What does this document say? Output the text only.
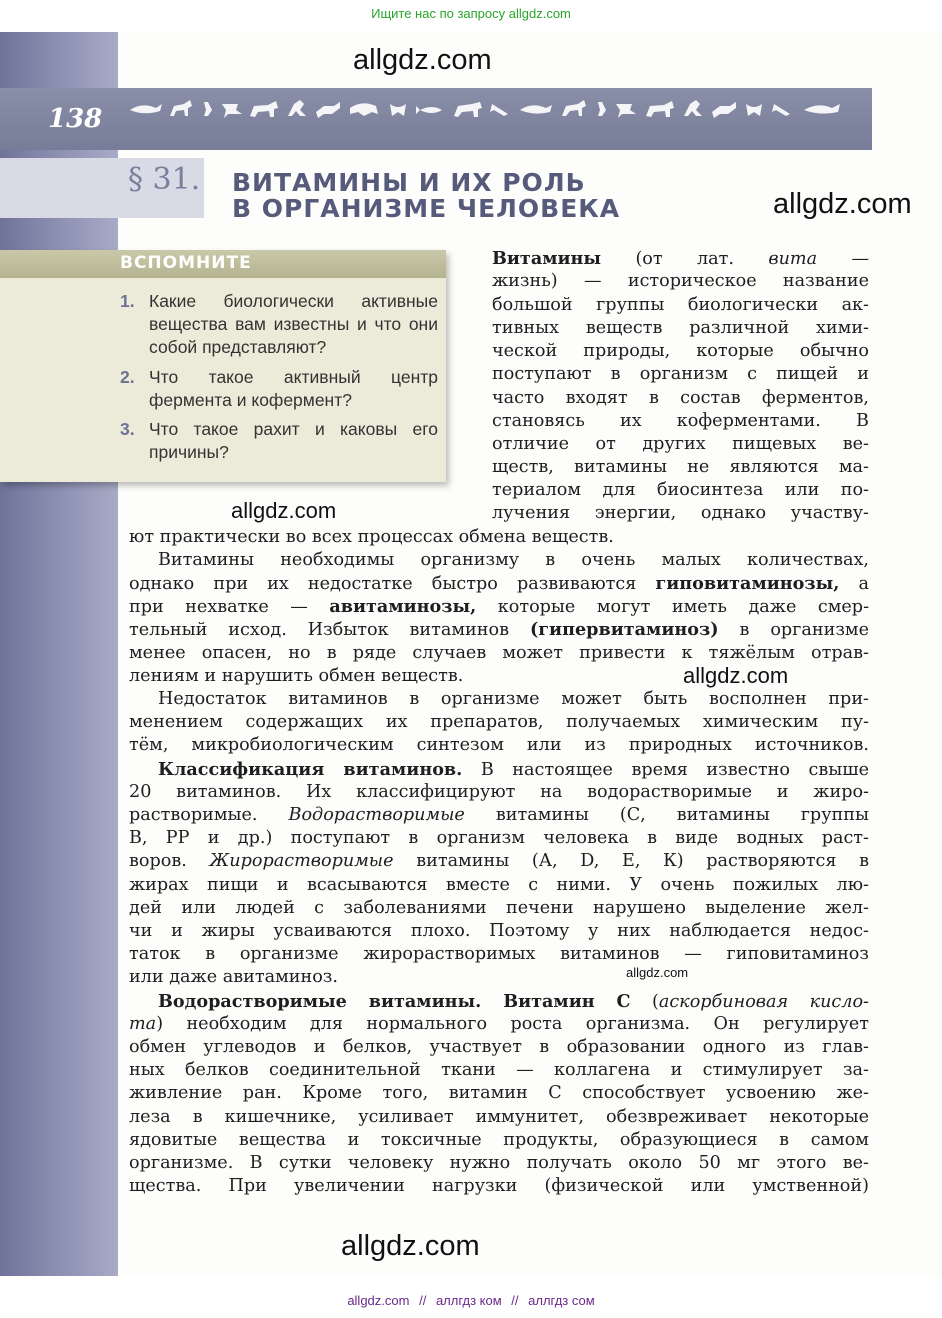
Ищите нас по запросу allgdz.com
allgdz.com
138
§ 31. ВИТАМИНЫ И ИХ РОЛЬ
В ОРГАНИЗМЕ ЧЕЛОВЕКА	allgdz.com
ВСПОМНИТЕ
1. Какие биологически активные вещества вам известны и что они собой представляют?
2. Что такое активный центр фермента и кофермент?
3. Что такое рахит и каковы его причины?
Витамины (от лат. вита —
жизнь) — историческое название
большой группы биологически ак-
тивных веществ различной хими-
ческой природы, которые обычно
поступают в организм с пищей и
часто входят в состав ферментов,
становясь их коферментами. В
отличие от других пищевых ве-
ществ, витамины не являются ма-
териалом для биосинтеза или по-
лучения энергии, однако участву-
allgdz.com
ют практически во всех процессах обмена веществ.
Витамины необходимы организму в очень малых количествах,
однако при их недостатке быстро развиваются гиповитаминозы, а
при нехватке — авитаминозы, которые могут иметь даже смер-
тельный исход. Избыток витаминов (гипервитаминоз) в организме
менее опасен, но в ряде случаев может привести к тяжёлым отрав-
лениям и нарушить обмен веществ.	allgdz.com
Недостаток витаминов в организме может быть восполнен при-
менением содержащих их препаратов, получаемых химическим пу-
тём, микробиологическим синтезом или из природных источников.
Классификация витаминов. В настоящее время известно свыше
20 витаминов. Их классифицируют на водорастворимые и жиро-
растворимые. Водорастворимые витамины (С, витамины группы
В, РР и др.) поступают в организм человека в виде водных раст-
воров. Жирорастворимые витамины (А, D, Е, К) растворяются в
жирах пищи и всасываются вместе с ними. У очень пожилых лю-
дей или людей с заболеваниями печени нарушено выделение жел-
чи и жиры усваиваются плохо. Поэтому у них наблюдается недос-
таток в организме жирорастворимых витаминов — гиповитаминоз
или даже авитаминоз.	allgdz.com
Водорастворимые витамины. Витамин С (аскорбиновая кисло-
та) необходим для нормального роста организма. Он регулирует
обмен углеводов и белков, участвует в образовании одного из глав-
ных белков соединительной ткани — коллагена и стимулирует за-
живление ран. Кроме того, витамин С способствует усвоению же-
леза в кишечнике, усиливает иммунитет, обезвреживает некоторые
ядовитые вещества и токсичные продукты, образующиеся в самом
организме. В сутки человеку нужно получать около 50 мг этого ве-
щества. При увеличении нагрузки (физической или умственной)
allgdz.com
allgdz.com // аллгдз ком // аллгдз сом
